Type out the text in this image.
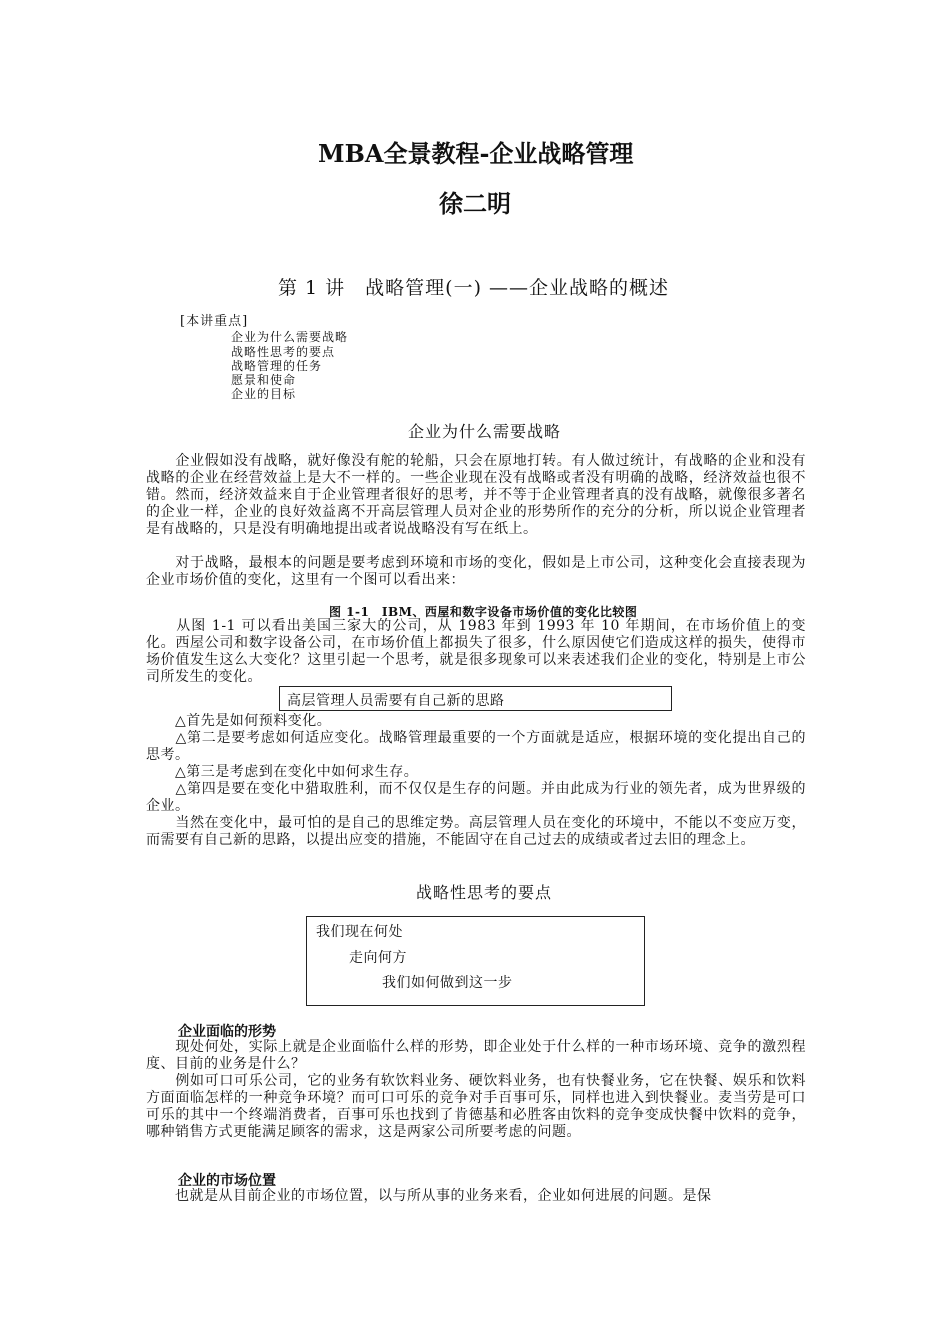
MBA全景教程-企业战略管理
徐二明
第 1 讲　战略管理(一) ——企业战略的概述
[本讲重点]
企业为什么需要战略
战略性思考的要点
战略管理的任务
愿景和使命
企业的目标
企业为什么需要战略
　　企业假如没有战略，就好像没有舵的轮船，只会在原地打转。有人做过统计，有战略的企业和没有战略的企业在经营效益上是大不一样的。一些企业现在没有战略或者没有明确的战略，经济效益也很不错。然而，经济效益来自于企业管理者很好的思考，并不等于企业管理者真的没有战略，就像很多著名的企业一样，企业的良好效益离不开高层管理人员对企业的形势所作的充分的分析，所以说企业管理者是有战略的，只是没有明确地提出或者说战略没有写在纸上。
　　对于战略，最根本的问题是要考虑到环境和市场的变化，假如是上市公司，这种变化会直接表现为企业市场价值的变化，这里有一个图可以看出来：
图 1-1　IBM、西屋和数字设备市场价值的变化比较图
　　从图 1-1 可以看出美国三家大的公司，从 1983 年到 1993 年 10 年期间，在市场价值上的变化。西屋公司和数字设备公司，在市场价值上都损失了很多，什么原因使它们造成这样的损失，使得市场价值发生这么大变化？这里引起一个思考，就是很多现象可以来表述我们企业的变化，特别是上市公司所发生的变化。
高层管理人员需要有自己新的思路
　　△首先是如何预料变化。
　　△第二是要考虑如何适应变化。战略管理最重要的一个方面就是适应，根据环境的变化提出自己的思考。
　　△第三是考虑到在变化中如何求生存。
　　△第四是要在变化中猎取胜利，而不仅仅是生存的问题。并由此成为行业的领先者，成为世界级的企业。
　　当然在变化中，最可怕的是自己的思维定势。高层管理人员在变化的环境中，不能以不变应万变，而需要有自己新的思路，以提出应变的措施，不能固守在自己过去的成绩或者过去旧的理念上。
战略性思考的要点
我们现在何处
走向何方
我们如何做到这一步
企业面临的形势
　　现处何处，实际上就是企业面临什么样的形势，即企业处于什么样的一种市场环境、竞争的激烈程度、目前的业务是什么？
　　例如可口可乐公司，它的业务有软饮料业务、硬饮料业务，也有快餐业务，它在快餐、娱乐和饮料方面面临怎样的一种竞争环境？而可口可乐的竞争对手百事可乐，同样也进入到快餐业。麦当劳是可口可乐的其中一个终端消费者，百事可乐也找到了肯德基和必胜客由饮料的竞争变成快餐中饮料的竞争，哪种销售方式更能满足顾客的需求，这是两家公司所要考虑的问题。
企业的市场位置
　　也就是从目前企业的市场位置，以与所从事的业务来看，企业如何进展的问题。是保
